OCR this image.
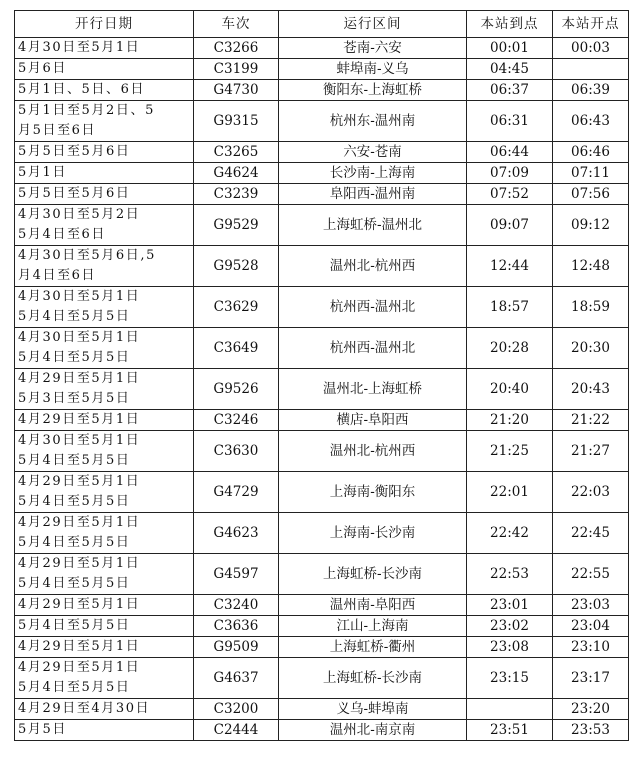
开行日期	车次	运行区间	本站到点	本站开点

4月30日至5月1日	C3266	苍南-六安	00:01	00:03

5月6日	C3199	蚌埠南-义乌	04:45	

5月1日、5日、6日	G4730	衡阳东-上海虹桥	06:37	06:39

5月1日至5月2日、5
月5日至6日	G9315	杭州东-温州南	06:31	06:43

5月5日至5月6日	C3265	六安-苍南	06:44	06:46

5月1日	G4624	长沙南-上海南	07:09	07:11

5月5日至5月6日	C3239	阜阳西-温州南	07:52	07:56

4月30日至5月2日
5月4日至6日	G9529	上海虹桥-温州北	09:07	09:12

4月30日至5月6日,5
月4日至6日	G9528	温州北-杭州西	12:44	12:48

4月30日至5月1日
5月4日至5月5日	C3629	杭州西-温州北	18:57	18:59

4月30日至5月1日
5月4日至5月5日	C3649	杭州西-温州北	20:28	20:30

4月29日至5月1日
5月3日至5月5日	G9526	温州北-上海虹桥	20:40	20:43

4月29日至5月1日	C3246	横店-阜阳西	21:20	21:22

4月30日至5月1日
5月4日至5月5日	C3630	温州北-杭州西	21:25	21:27

4月29日至5月1日
5月4日至5月5日	G4729	上海南-衡阳东	22:01	22:03

4月29日至5月1日
5月4日至5月5日	G4623	上海南-长沙南	22:42	22:45

4月29日至5月1日
5月4日至5月5日	G4597	上海虹桥-长沙南	22:53	22:55

4月29日至5月1日	C3240	温州南-阜阳西	23:01	23:03

5月4日至5月5日	C3636	江山-上海南	23:02	23:04

4月29日至5月1日	G9509	上海虹桥-衢州	23:08	23:10

4月29日至5月1日
5月4日至5月5日	G4637	上海虹桥-长沙南	23:15	23:17

4月29日至4月30日	C3200	义乌-蚌埠南		23:20

5月5日	C2444	温州北-南京南	23:51	23:53
